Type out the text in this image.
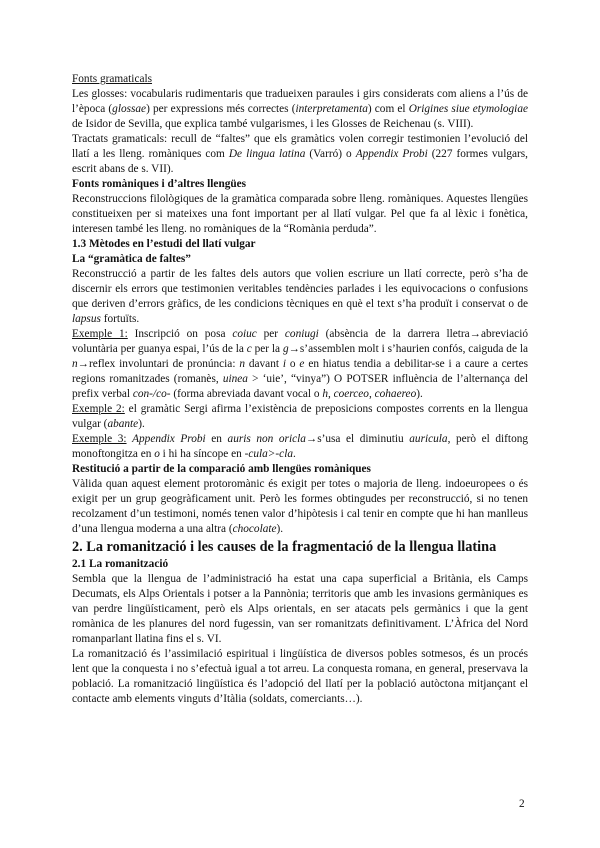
Fonts gramaticals

Les glosses: vocabularis rudimentaris que tradueixen paraules i girs considerats com aliens a l’ús de l’època (glossae) per expressions més correctes (interpretamenta) com el Origines siue etymologiae de Isidor de Sevilla, que explica també vulgarismes, i les Glosses de Reichenau (s. VIII).

Tractats gramaticals: recull de “faltes” que els gramàtics volen corregir testimonien l’evolució del llatí a les lleng. romàniques com De lingua latina (Varró) o Appendix Probi (227 formes vulgars, escrit abans de s. VII).

Fonts romàniques i d’altres llengües

Reconstruccions filològiques de la gramàtica comparada sobre lleng. romàniques. Aquestes llengües constitueixen per si mateixes una font important per al llatí vulgar. Pel que fa al lèxic i fonètica, interesen també les lleng. no romàniques de la “Romània perduda”.

1.3 Mètodes en l’estudi del llatí vulgar

La “gramàtica de faltes”

Reconstrucció a partir de les faltes dels autors que volien escriure un llatí correcte, però s’ha de discernir els errors que testimonien veritables tendències parlades i les equivocacions o confusions que deriven d’errors gràfics, de les condicions tècniques en què el text s’ha produït i conservat o de lapsus fortuïts.

Exemple 1: Inscripció on posa coiuc per coniugi (absència de la darrera lletra→abreviació voluntària per guanya espai, l’ús de la c per la g→s’assemblen molt i s’haurien confós, caiguda de la n→reflex involuntari de pronúncia: n davant i o e en hiatus tendia a debilitar-se i a caure a certes regions romanitzades (romanès, uinea > ‘uie’, “vinya”) O POTSER influència de l’alternança del prefix verbal con-/co- (forma abreviada davant vocal o h, coerceo, cohaereo).

Exemple 2: el gramàtic Sergi afirma l’existència de preposicions compostes corrents en la llengua vulgar (abante).

Exemple 3: Appendix Probi en auris non oricla→s’usa el diminutiu auricula, però el diftong monoftongitza en o i hi ha síncope en -cula>-cla.

Restitució a partir de la comparació amb llengües romàniques

Vàlida quan aquest element protoromànic és exigit per totes o majoria de lleng. indoeuropees o és exigit per un grup geogràficament unit. Però les formes obtingudes per reconstrucció, si no tenen recolzament d’un testimoni, només tenen valor d’hipòtesis i cal tenir en compte que hi han manlleus d’una llengua moderna a una altra (chocolate).

2. La romanització i les causes de la fragmentació de la llengua llatina

2.1 La romanització

Sembla que la llengua de l’administració ha estat una capa superficial a Britània, els Camps Decumats, els Alps Orientals i potser a la Pannònia; territoris que amb les invasions germàniques es van perdre lingüísticament, però els Alps orientals, en ser atacats pels germànics i que la gent romànica de les planures del nord fugessin, van ser romanitzats definitivament. L’Àfrica del Nord romanparlant llatina fins el s. VI.

La romanització és l’assimilació espiritual i lingüística de diversos pobles sotmesos, és un procés lent que la conquesta i no s’efectuà igual a tot arreu. La conquesta romana, en general, preservava la població. La romanització lingüística és l’adopció del llatí per la població autòctona mitjançant el contacte amb elements vinguts d’Itàlia (soldats, comerciants…).

2
